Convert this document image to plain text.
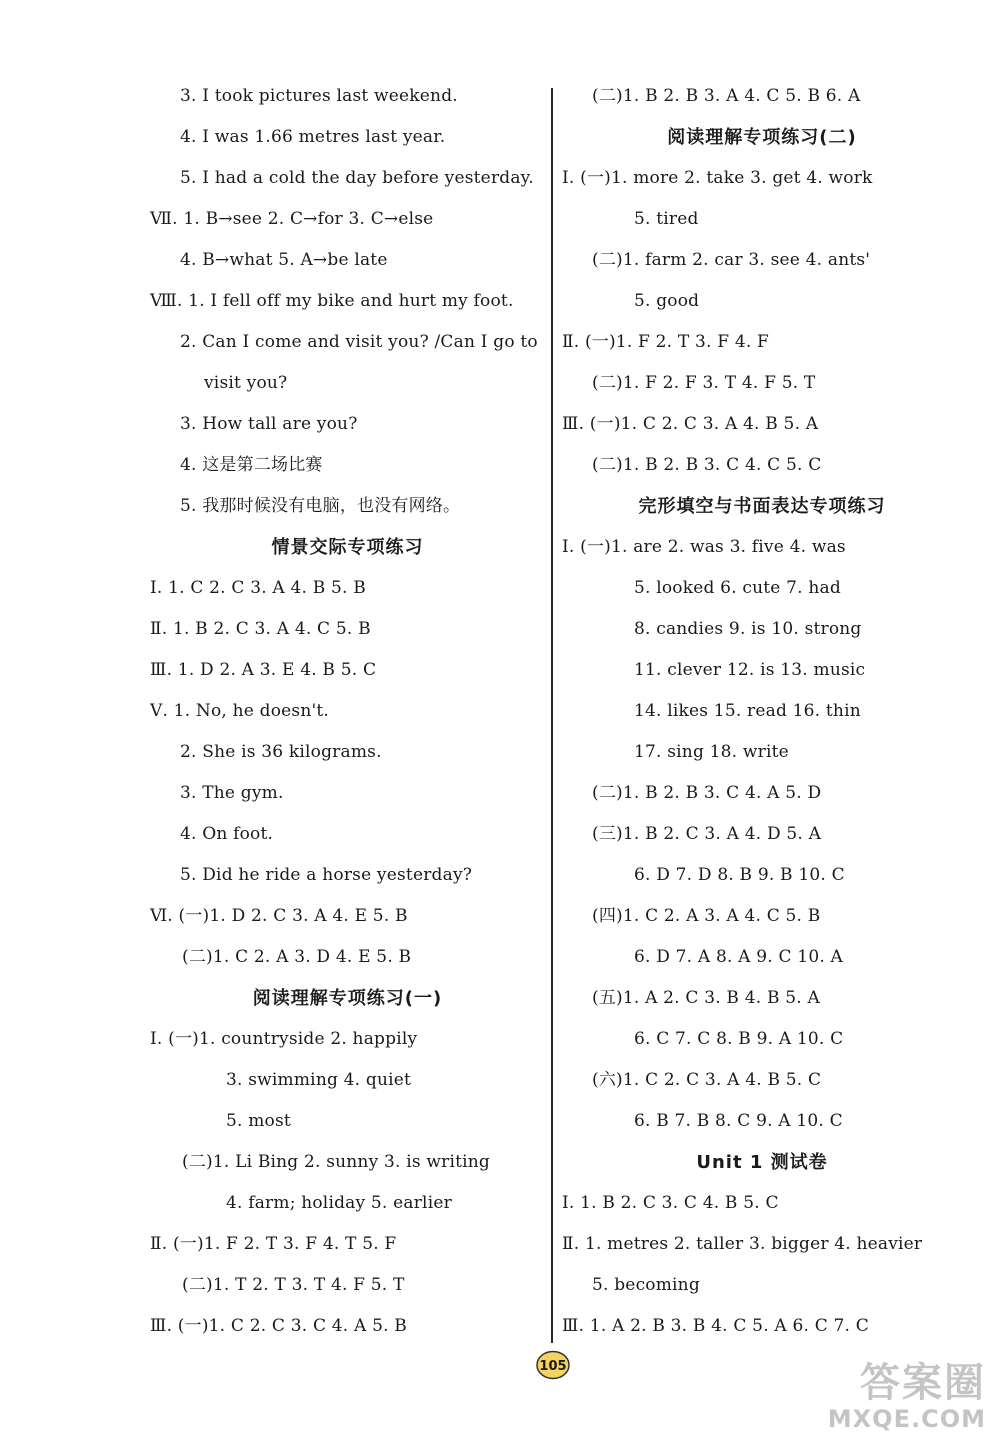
3. I took pictures last weekend.
4. I was 1.66 metres last year.
5. I had a cold the day before yesterday.
Ⅶ. 1. B→see 2. C→for 3. C→else
4. B→what 5. A→be late
Ⅷ. 1. I fell off my bike and hurt my foot.
2. Can I come and visit you? /Can I go to
visit you?
3. How tall are you?
4. 这是第二场比赛
5. 我那时候没有电脑，也没有网络。
情景交际专项练习
Ⅰ. 1. C 2. C 3. A 4. B 5. B
Ⅱ. 1. B 2. C 3. A 4. C 5. B
Ⅲ. 1. D 2. A 3. E 4. B 5. C
Ⅴ. 1. No, he doesn't.
2. She is 36 kilograms.
3. The gym.
4. On foot.
5. Did he ride a horse yesterday?
Ⅵ. (一)1. D 2. C 3. A 4. E 5. B
(二)1. C 2. A 3. D 4. E 5. B
阅读理解专项练习(一)
Ⅰ. (一)1. countryside 2. happily
3. swimming 4. quiet
5. most
(二)1. Li Bing 2. sunny 3. is writing
4. farm; holiday 5. earlier
Ⅱ. (一)1. F 2. T 3. F 4. T 5. F
(二)1. T 2. T 3. T 4. F 5. T
Ⅲ. (一)1. C 2. C 3. C 4. A 5. B
(二)1. B 2. B 3. A 4. C 5. B 6. A
阅读理解专项练习(二)
Ⅰ. (一)1. more 2. take 3. get 4. work
5. tired
(二)1. farm 2. car 3. see 4. ants'
5. good
Ⅱ. (一)1. F 2. T 3. F 4. F
(二)1. F 2. F 3. T 4. F 5. T
Ⅲ. (一)1. C 2. C 3. A 4. B 5. A
(二)1. B 2. B 3. C 4. C 5. C
完形填空与书面表达专项练习
Ⅰ. (一)1. are 2. was 3. five 4. was
5. looked 6. cute 7. had
8. candies 9. is 10. strong
11. clever 12. is 13. music
14. likes 15. read 16. thin
17. sing 18. write
(二)1. B 2. B 3. C 4. A 5. D
(三)1. B 2. C 3. A 4. D 5. A
6. D 7. D 8. B 9. B 10. C
(四)1. C 2. A 3. A 4. C 5. B
6. D 7. A 8. A 9. C 10. A
(五)1. A 2. C 3. B 4. B 5. A
6. C 7. C 8. B 9. A 10. C
(六)1. C 2. C 3. A 4. B 5. C
6. B 7. B 8. C 9. A 10. C
Unit 1 测试卷
Ⅰ. 1. B 2. C 3. C 4. B 5. C
Ⅱ. 1. metres 2. taller 3. bigger 4. heavier
5. becoming
Ⅲ. 1. A 2. B 3. B 4. C 5. A 6. C 7. C
105	答案圈
MXQE.COM
